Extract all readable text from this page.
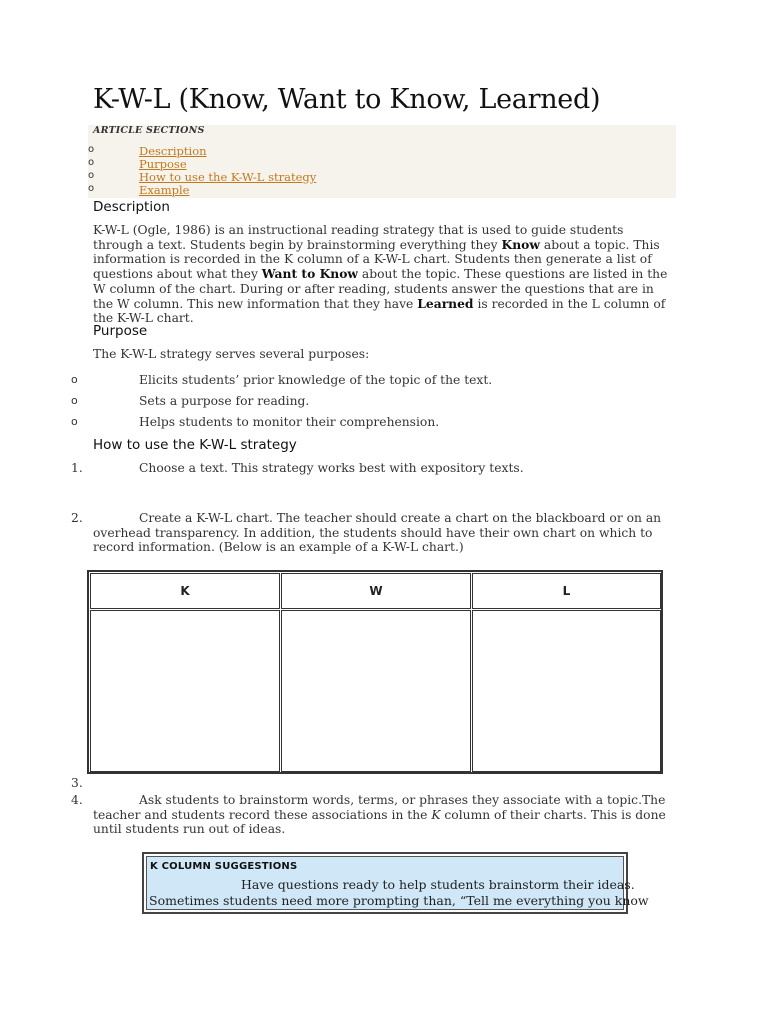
K-W-L (Know, Want to Know, Learned)
ARTICLE SECTIONS
o	Description
o	Purpose
o	How to use the K-W-L strategy
o	Example
Description
K-W-L (Ogle, 1986) is an instructional reading strategy that is used to guide students through a text. Students begin by brainstorming everything they Know about a topic. This information is recorded in the K column of a K-W-L chart. Students then generate a list of questions about what they Want to Know about the topic. These questions are listed in the W column of the chart. During or after reading, students answer the questions that are in the W column. This new information that they have Learned is recorded in the L column of the K-W-L chart.
Purpose
The K-W-L strategy serves several purposes:
o	Elicits students’ prior knowledge of the topic of the text.
o	Sets a purpose for reading.
o	Helps students to monitor their comprehension.
How to use the K-W-L strategy
1.	Choose a text. This strategy works best with expository texts.
2.	Create a K-W-L chart. The teacher should create a chart on the blackboard or on an overhead transparency. In addition, the students should have their own chart on which to record information. (Below is an example of a K-W-L chart.)
K	W	L
3.
4.	Ask students to brainstorm words, terms, or phrases they associate with a topic.The teacher and students record these associations in the K column of their charts. This is done until students run out of ideas.
K COLUMN SUGGESTIONS
Have questions ready to help students brainstorm their ideas.
Sometimes students need more prompting than, “Tell me everything you know
